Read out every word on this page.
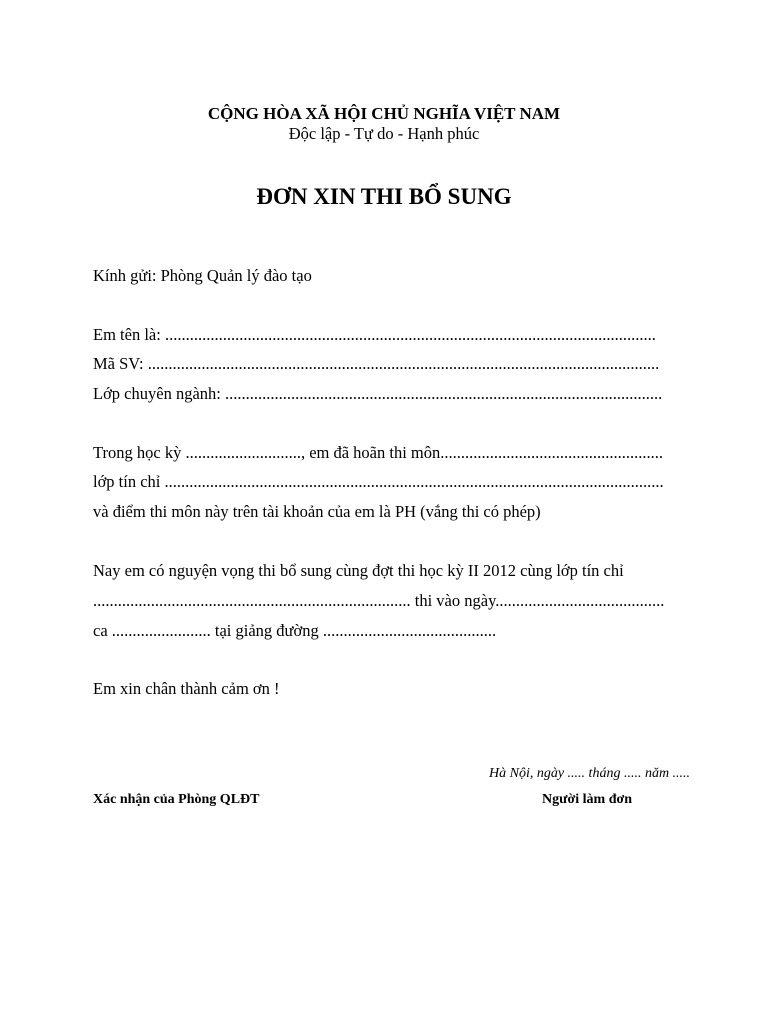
CỘNG HÒA XÃ HỘI CHỦ NGHĨA VIỆT NAM
Độc lập - Tự do - Hạnh phúc
ĐƠN XIN THI BỔ SUNG
Kính gửi: Phòng Quản lý đào tạo
Em tên là: .......................................................................................................................
Mã SV: ............................................................................................................................
Lớp chuyên ngành: ..........................................................................................................
Trong học kỳ ............................, em đã hoãn thi môn......................................................
lớp tín chỉ .........................................................................................................................
và điểm thi môn này trên tài khoản của em là PH (vắng thi có phép)
Nay em có nguyện vọng thi bổ sung cùng đợt thi học kỳ II 2012 cùng lớp tín chỉ
............................................................................. thi vào ngày.........................................
ca ........................ tại giảng đường ..........................................
Em xin chân thành cảm ơn !
Hà Nội, ngày ..... tháng ..... năm .....
Xác nhận của Phòng QLĐT	Người làm đơn
